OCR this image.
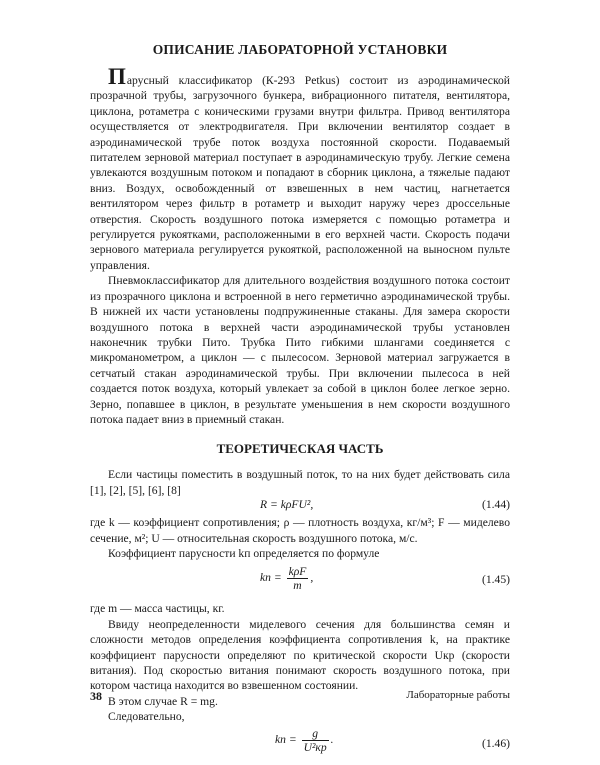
ОПИСАНИЕ ЛАБОРАТОРНОЙ УСТАНОВКИ

Парусный классификатор (К-293 Petkus) состоит из аэродинамической прозрачной трубы, загрузочного бункера, вибрационного питателя, вентилятора, циклона, ротаметра с коническими грузами внутри фильтра. Привод вентилятора осуществляется от электродвигателя. При включении вентилятор создает в аэродинамической трубе поток воздуха постоянной скорости. Подаваемый питателем зерновой материал поступает в аэродинамическую трубу. Легкие семена увлекаются воздушным потоком и попадают в сборник циклона, а тяжелые падают вниз. Воздух, освобожденный от взвешенных в нем частиц, нагнетается вентилятором через фильтр в ротаметр и выходит наружу через дроссельные отверстия. Скорость воздушного потока измеряется с помощью ротаметра и регулируется рукоятками, расположенными в его верхней части. Скорость подачи зернового материала регулируется рукояткой, расположенной на выносном пульте управления.

Пневмоклассификатор для длительного воздействия воздушного потока состоит из прозрачного циклона и встроенной в него герметично аэродинамической трубы. В нижней их части установлены подпружиненные стаканы. Для замера скорости воздушного потока в верхней части аэродинамической трубы установлен наконечник трубки Пито. Трубка Пито гибкими шлангами соединяется с микроманометром, а циклон — с пылесосом. Зерновой материал загружается в сетчатый стакан аэродинамической трубы. При включении пылесоса в ней создается поток воздуха, который увлекает за собой в циклон более легкое зерно. Зерно, попавшее в циклон, в результате уменьшения в нем скорости воздушного потока падает вниз в приемный стакан.

ТЕОРЕТИЧЕСКАЯ ЧАСТЬ

Если частицы поместить в воздушный поток, то на них будет действовать сила [1], [2], [5], [6], [8]

R = kρFU²,	(1.44)

где k — коэффициент сопротивления; ρ — плотность воздуха, кг/м³; F — миделево сечение, м²; U — относительная скорость воздушного потока, м/с.

Коэффициент парусности kп определяется по формуле

kп = $\frac{\text{kρF}}{m}$ ,	(1.45)

где m — масса частицы, кг.

Ввиду неопределенности миделевого сечения для большинства семян и сложности методов определения коэффициента сопротивления k, на практике коэффициент парусности определяют по критической скорости Uкр (скорости витания). Под скоростью витания понимают скорость воздушного потока, при котором частица находится во взвешенном состоянии.

В этом случае R = mg.

Следовательно,

kп = $\frac{g}{\text{U²кр}}$ .	(1.46)
38	Лабораторные работы
